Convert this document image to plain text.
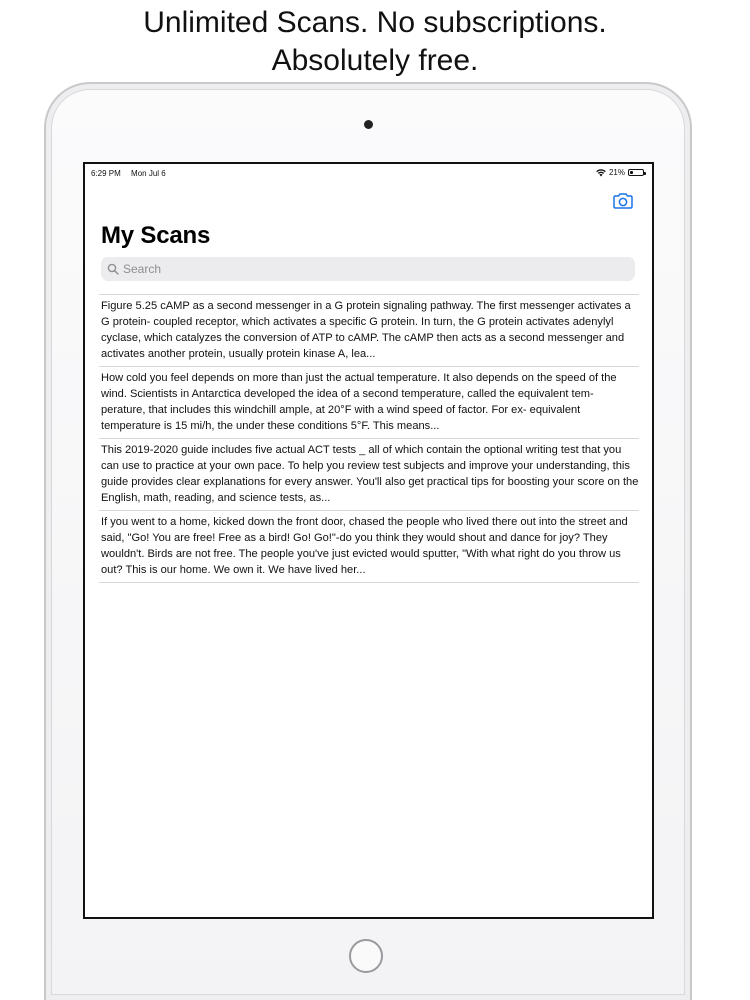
Unlimited Scans. No subscriptions.
Absolutely free.
6:29 PM Mon Jul 6	21%
My Scans
Search
Figure 5.25 cAMP as a second messenger in a G protein signaling pathway. The first messenger activates a G protein- coupled receptor, which activates a specific G protein. In turn, the G protein activates adenylyl cyclase, which catalyzes the conversion of ATP to cAMP. The cAMP then acts as a second messenger and activates another protein, usually protein kinase A, lea...
How cold you feel depends on more than just the actual temperature. It also depends on the speed of the wind. Scientists in Antarctica developed the idea of a second temperature, called the equivalent tem- perature, that includes this windchill ample, at 20°F with a wind speed of factor. For ex- equivalent temperature is 15 mi/h, the under these conditions 5°F. This means...
This 2019-2020 guide includes five actual ACT tests _ all of which contain the optional writing test that you can use to practice at your own pace. To help you review test subjects and improve your understanding, this guide provides clear explanations for every answer. You'll also get practical tips for boosting your score on the English, math, reading, and science tests, as...
If you went to a home, kicked down the front door, chased the people who lived there out into the street and said, "Go! You are free! Free as a bird! Go! Go!"-do you think they would shout and dance for joy? They wouldn't. Birds are not free. The people you've just evicted would sputter, "With what right do you throw us out? This is our home. We own it. We have lived her...
